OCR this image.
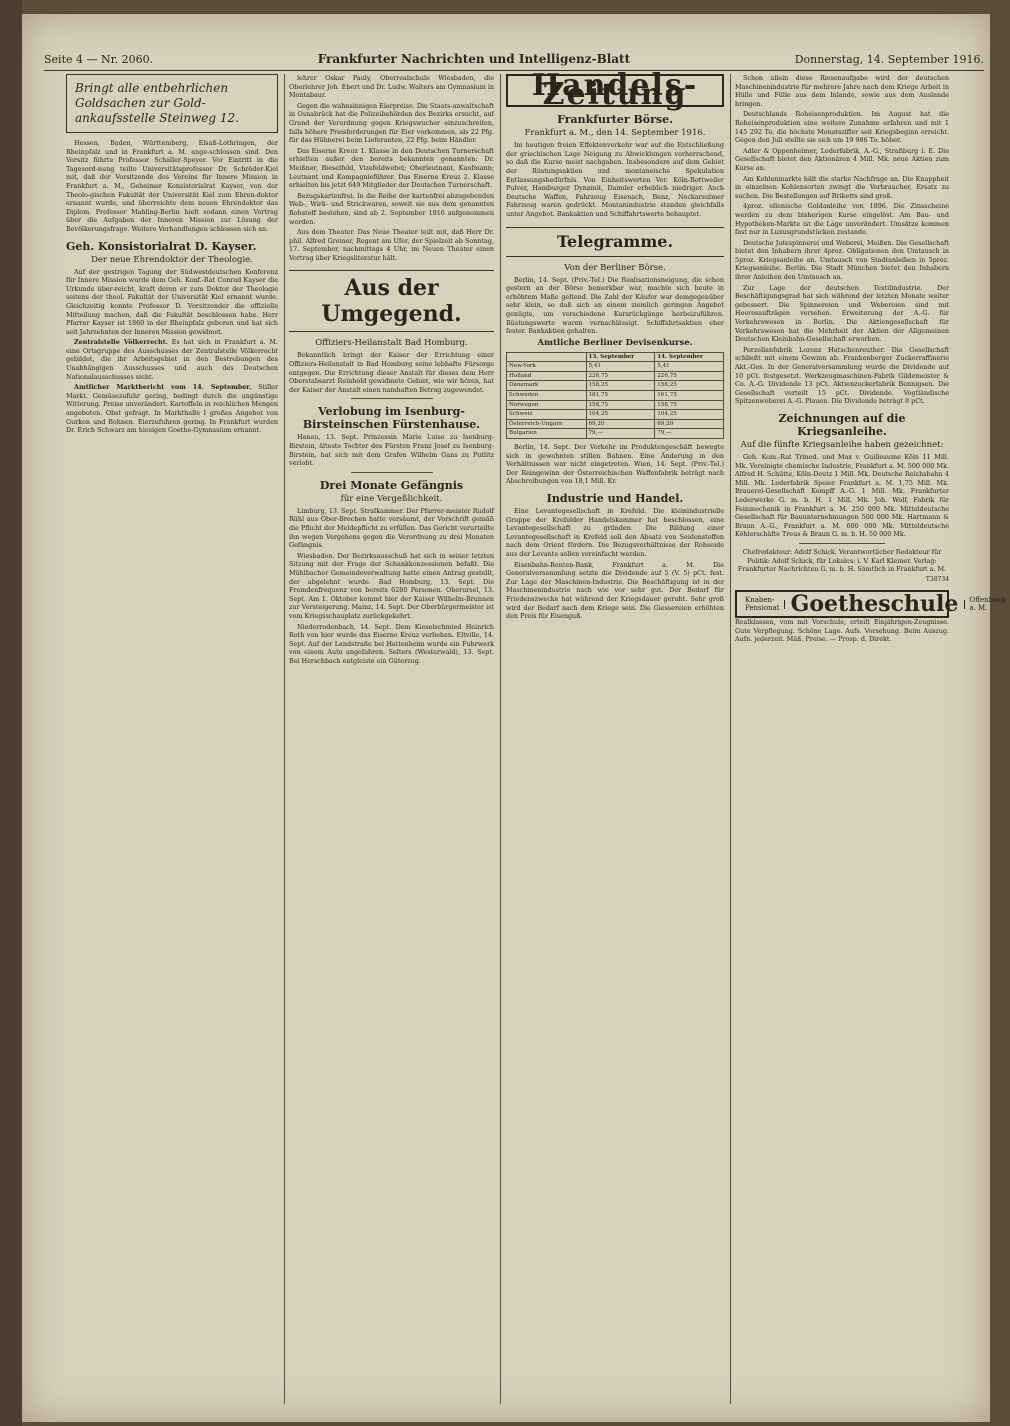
Seite 4 — Nr. 2060.	Frankfurter Nachrichten und Intelligenz-Blatt	Donnerstag, 14. September 1916.
Bringt alle entbehrlichen Goldsachen zur Gold-ankaufsstelle Steinweg 12.

Hessen, Baden, Württemberg, Elsaß-Lothringen, der Rheinpfalz und in Frankfurt a. M. ange-schlossen sind. Den Vorsitz führte Professor Schaller-Speyer. Vor Eintritt in die Tagesord-nung teilte Universitätsprofessor Dr. Schröder-Kiel mit, daß der Vorsitzende des Vereins für Innere Mission in Frankfurt a. M., Geheimer Konsistorialrat Kayser, von der Theolo-gischen Fakultät der Universität Kiel zum Ehren-doktor ernannt wurde, und überreichte dem neuen Ehrendoktor das Diplom. Professor Mahling-Berlin hielt sodann einen Vortrag über die Aufgaben der Inneren Mission zur Lösung der Bevölkerungsfrage. Weitere Verhandlungen schlossen sich an.

Geh. Konsistorialrat D. Kayser.
Der neue Ehrendoktor der Theologie.

Auf der gestrigen Tagung der Südwestdeutschen Konferenz für Innere Mission wurde dem Geh. Konf.-Rat Conrad Kayser die Urkunde über-reicht, kraft deren er zum Doktor der Theologie seitens der theol. Fakultät der Universität Kiel ernannt wurde. Gleichzeitig konnte Professor D. Vorsitzender die offizielle Mitteilung machen, daß die Fakultät beschlossen habe. Herr Pfarrer Kayser ist 1860 in der Rheinpfalz geboren und hat sich seit Jahrzehnten der Inneren Mission gewidmet.

Zentralstelle Völkerrecht. Es hat sich in Frankfurt a. M. eine Ortsgruppe des Ausschusses der Zentralstelle Völkerrecht gebildet, die ihr Arbeitsgebiet in den Bestrebungen des Unabhängigen Ausschusses und auch des Deutschen Nationalausschusses sieht.

Amtlicher Marktbericht vom 14. September. Stiller Markt. Gemüsezufuhr gering, bedingt durch die ungünstige Witterung. Preise unverändert. Kartoffeln in reichlichen Mengen angeboten. Obst gefragt. In Markthalle I großes Angebot von Gurken und Bohnen. Eierzufuhren gering. In Frankfurt wurden Dr. Erich Schwarz am hiesigen Goethe-Gymnasium ernannt.

lehrer Oskar Pauly, Oberrealschule Wiesbaden, die Oberlehrer Joh. Ebert und Dr. Ludw. Walters am Gymnasium in Montabaur.

Gegen die wahnsinnigen Eierpreise. Die Staats-anwaltschaft in Osnabrück hat die Polizeibehörden des Bezirks ersucht, auf Grund der Verordnung gegen Kriegswucher einzuschreiten, falls höhere Preisforderungen für Eier vorkommen, als 22 Pfg. für das Hühnerei beim Lieferanten, 22 Pfg. beim Händler.

Das Eiserne Kreuz 1. Klasse in den Deutschen Turnerschaft erhielten außer den bereits bekannten genannten: Dr. Meißner, Bieselfeld, Vizefeldwebel; Oberleutnant, Kaufmann; Leutnant und Kompagnieführer. Das Eiserne Kreuz 2. Klasse erhielten bis jetzt 649 Mitglieder der Deutschen Turnerschaft.

Bezugskartenfrei. In die Reihe der kartenfrei abzugebenden Web-, Wirk- und Strickwaren, soweit sie aus dem genannten Rohstoff bestehen, sind ab 2. September 1916 aufgenommen worden.

Aus dem Theater. Das Neue Theater teilt mit, daß Herr Dr. phil. Alfred Greiner, Regent am Ufer, der Spielzeit ab Sonntag, 17. September, nachmittags 4 Uhr, im Neuen Theater einen Vortrag über Kriegsliteratur hält.

Aus der Umgegend.
Offiziers-Heilanstalt Bad Homburg.

Bekanntlich bringt der Kaiser der Errichtung einer Offiziers-Heilanstalt in Bad Homburg seine lebhafte Fürsorge entgegen. Die Errichtung dieser Anstalt für dieses dem Herr Oberstabsarzt Reinhold gewidmete Gebiet, wie wir hören, hat der Kaiser der Anstalt einen namhaften Betrag zugewendet.

Verlobung im Isenburg-Birsteinschen Fürstenhause.

Hanau, 13. Sept. Prinzessin Marie Luise zu Isenburg-Birstein, älteste Tochter des Fürsten Franz Josef zu Isenburg-Birstein, hat sich mit dem Grafen Wilhelm Gans zu Putlitz verlobt.

Drei Monate Gefängnis
für eine Vergeßlichkeit.

Limburg, 13. Sept. Strafkammer. Der Pfarrer-meister Rudolf Rühl aus Ober-Brechen hatte versäumt, der Vorschrift gemäß die Pflicht der Meldepflicht zu erfüllen. Das Gericht verurteilte ihn wegen Vergehens gegen die Verordnung zu drei Monaten Gefängnis.

Wiesbaden. Der Bezirksausschuß hat sich in seiner letzten Sitzung mit der Frage der Schankkonzessionen befaßt. Die Mühlbacher Gemeindeverwaltung hatte einen Antrag gestellt, der abgelehnt wurde. Bad Homburg, 13. Sept. Die Fremdenfrequenz von bereits 6280 Personen. Oberursel, 13. Sept. Am 1. Oktober kommt hier der Kaiser Wilhelm-Brunnen zur Versteigerung. Mainz, 14. Sept. Der Oberbürgermeister ist vom Kriegsschauplatz zurückgekehrt.

Niederrodenbach, 14. Sept. Dem Kieselschmied Heinrich Roth von hier wurde das Eiserne Kreuz verliehen. Eltville, 14. Sept. Auf der Landstraße bei Hattenheim wurde ein Fuhrwerk von einem Auto angefahren. Selters (Westerwald), 13. Sept. Bei Herschbach entgleiste ein Güterzug.

Handels-Zeitung
Frankfurter Börse.
Frankfurt a. M., den 14. September 1916.

Im heutigen freien Effektenverkehr war auf die Entschließung der griechischen Lage Neigung zu Abwicklungen vorherrschend, so daß die Kurse meist nachgaben. Insbesondere auf dem Gebiet der Rüstungsaktien und montaneische Spekulation Entlassungsbedürfnis. Von Einheitswerten Ver. Köln-Rottweiler Pulver, Hamburger Dynamit, Daimler erheblich niedriger. Auch Deutsche Waffen, Fahrzeug Eisenach, Benz, Neckarsulmer Fahrzeug waren gedrückt. Montanindustrie standen gleichfalls unter Angebot. Bankaktien und Schiffahrtswerte behauptet.

Telegramme.
Von der Berliner Börse.

Berlin, 14. Sept. (Priv.-Tel.) Die Realisationsneigung, die schon gestern an der Börse bemerkbar war, machte sich heute in erhöhtem Maße geltend. Die Zahl der Käufer war demgegenüber sehr klein, so daß sich an einem ziemlich geringen Angebot genügte, um verschiedene Kursrückgänge herbeizuführen. Rüstungswerte waren vernachlässigt. Schiffahrtsaktien eher fester. Bankaktien gehalten.

Amtliche Berliner Devisenkurse.
	13. September	14. September
New-York	5,41	5,41
Holland	226,75	226,75
Dänemark	158,25	158,25
Schweden	161,75	161,75
Norwegen	158,75	158,75
Schweiz	104,25	104,25
Österreich-Ungarn	69,20	69,20
Bulgarien	79,—	79,—

Berlin, 14. Sept. Der Verkehr im Produktengeschäft bewegte sich in gewohnten stillen Bahnen. Eine Änderung in den Verhältnissen war nicht eingetreten. Wien, 14. Sept. (Priv.-Tel.) Der Reingewinn der Österreichischen Waffenfabrik beträgt nach Abschreibungen von 18,1 Mill. Kr.

Industrie und Handel.

Eine Levantegesellschaft in Krefeld. Die kleinindustrielle Gruppe der Krefelder Handelskammer hat beschlossen, eine Levantegesellschaft zu gründen. Die Bildung einer Levantegesellschaft in Krefeld soll den Absatz von Seidenstoffen nach dem Orient fördern. Die Bezugsverhältnisse der Rohseide aus der Levante sollen vereinfacht werden.

Eisenbahn-Renten-Bank, Frankfurt a. M. Die Generalversammlung setzte die Dividende auf 5 (V. 5) pCt. fest. Zur Lage der Maschinen-Industrie. Die Beschäftigung ist in der Maschinenindustrie nach wie vor sehr gut. Der Bedarf für Friedenszwecke hat während der Kriegsdauer geruht. Sehr groß wird der Bedarf nach dem Kriege sein. Die Giessereien erhöhten den Preis für Eisenguß.

Schon allein diese Riesenaufgabe wird der deutschen Maschinenindustrie für mehrere Jahre nach dem Kriege Arbeit in Hülle und Fülle aus dem Inlande, sowie aus dem Auslande bringen.

Deutschlands Roheisenproduktion. Im August hat die Roheisenproduktion eine weitere Zunahme erfahren und mit 1 145 292 To. die höchste Monatsziffer seit Kriegsbeginn erreicht. Gegen den Juli stellte sie sich um 19 986 To. höher.

Adler & Oppenheimer, Lederfabrik, A.-G., Straßburg i. E. Die Gesellschaft bietet den Aktionären 4 Mill. Mk. neue Aktien zum Kurse an.

Am Kohlenmarkte hält die starke Nachfrage an. Die Knappheit in einzelnen Kohlensorten zwingt die Verbraucher, Ersatz zu suchen. Die Bestellungen auf Briketts sind groß.

4proz. ellenische Goldanleihe von 1896. Die Zinsscheine werden zu dem bisherigen Kurse eingelöst. Am Bau- und Hypotheken-Markte ist die Lage unverändert. Umsätze kommen fast nur in Luxusgrundstücken zustande.

Deutsche Jutespinnerei und Weberei, Meißen. Die Gesellschaft bietet den Inhabern ihrer 4proz. Obligationen den Umtausch in 5proz. Kriegsanleihe an. Umtausch von Stadtanleihen in 5proz. Kriegsanleihe. Berlin. Die Stadt München bietet den Inhabern ihrer Anleihen den Umtausch an.

Zur Lage der deutschen Textilindustrie. Der Beschäftigungsgrad hat sich während der letzten Monate weiter gebessert. Die Spinnereien und Webereien sind mit Heeresaufträgen versehen. Erweiterung der A.-G. für Verkehrswesen in Berlin. Die Aktiengesellschaft für Verkehrswesen hat die Mehrheit der Aktien der Allgemeinen Deutschen Kleinbahn-Gesellschaft erworben.

Porzellanfabrik Lorenz Hutschenreuther. Die Gesellschaft schließt mit einem Gewinn ab. Frankenberger Zuckerraffinerie Akt.-Ges. In der Generalversammlung wurde die Dividende auf 10 pCt. festgesetzt. Werkzeugmaschinen-Fabrik Gildemeister & Co. A.-G. Dividende 13 pCt. Aktienzuckerfabrik Bennigsen. Die Gesellschaft verteilt 15 pCt. Dividende. Vogtländische Spitzenweberei A.-G. Plauen. Die Dividende beträgt 8 pCt.

Zeichnungen auf die Kriegsanleihe.
Auf die fünfte Kriegsanleihe haben gezeichnet:

Geh. Kom.-Rat Trinod. und Max v. Guilleaume Köln 11 Mill. Mk. Vereinigte chemische Industrie, Frankfurt a. M. 500 000 Mk. Alfred H. Schütte, Köln-Deutz 1 Mill. Mk. Deutsche Reichsbahn 4 Mill. Mk. Lederfabrik Speier Frankfurt a. M. 1,75 Mill. Mk. Brauerei-Gesellschaft Kempff A.-G. 1 Mill. Mk. Frankfurter Lederwerke G. m. b. H. 1 Mill. Mk. Joh. Wolf, Fabrik für Feinmechanik in Frankfurt a. M. 250 000 Mk. Mitteldeutsche Gesellschaft für Bauunternehmungen 500 000 Mk. Hartmann & Braun A.-G., Frankfurt a. M. 600 000 Mk. Mitteldeutsche Köhlerschäfte Treus & Braun G. m. b. H. 50 000 Mk.

Chefredakteur: Adolf Schick. Verantwortlicher Redakteur für Politik: Adolf Schick, für Lokales: i. V. Karl Kleiner. Verlag: Frankfurter Nachrichten G. m. b. H. Sämtlich in Frankfurt a. M.

T38734
Knaben-Pensionat Goetheschule	Offenbach a. M.

Realklassen, vom mit Vorschule, erteilt Einjährigen-Zeugnisse. Gute Verpflegung. Schöne Lage. Aufs. Vorsehung. Beim Auszug. Aufn. jederzeit. Mäß. Preise. — Prosp. d. Direkt.
